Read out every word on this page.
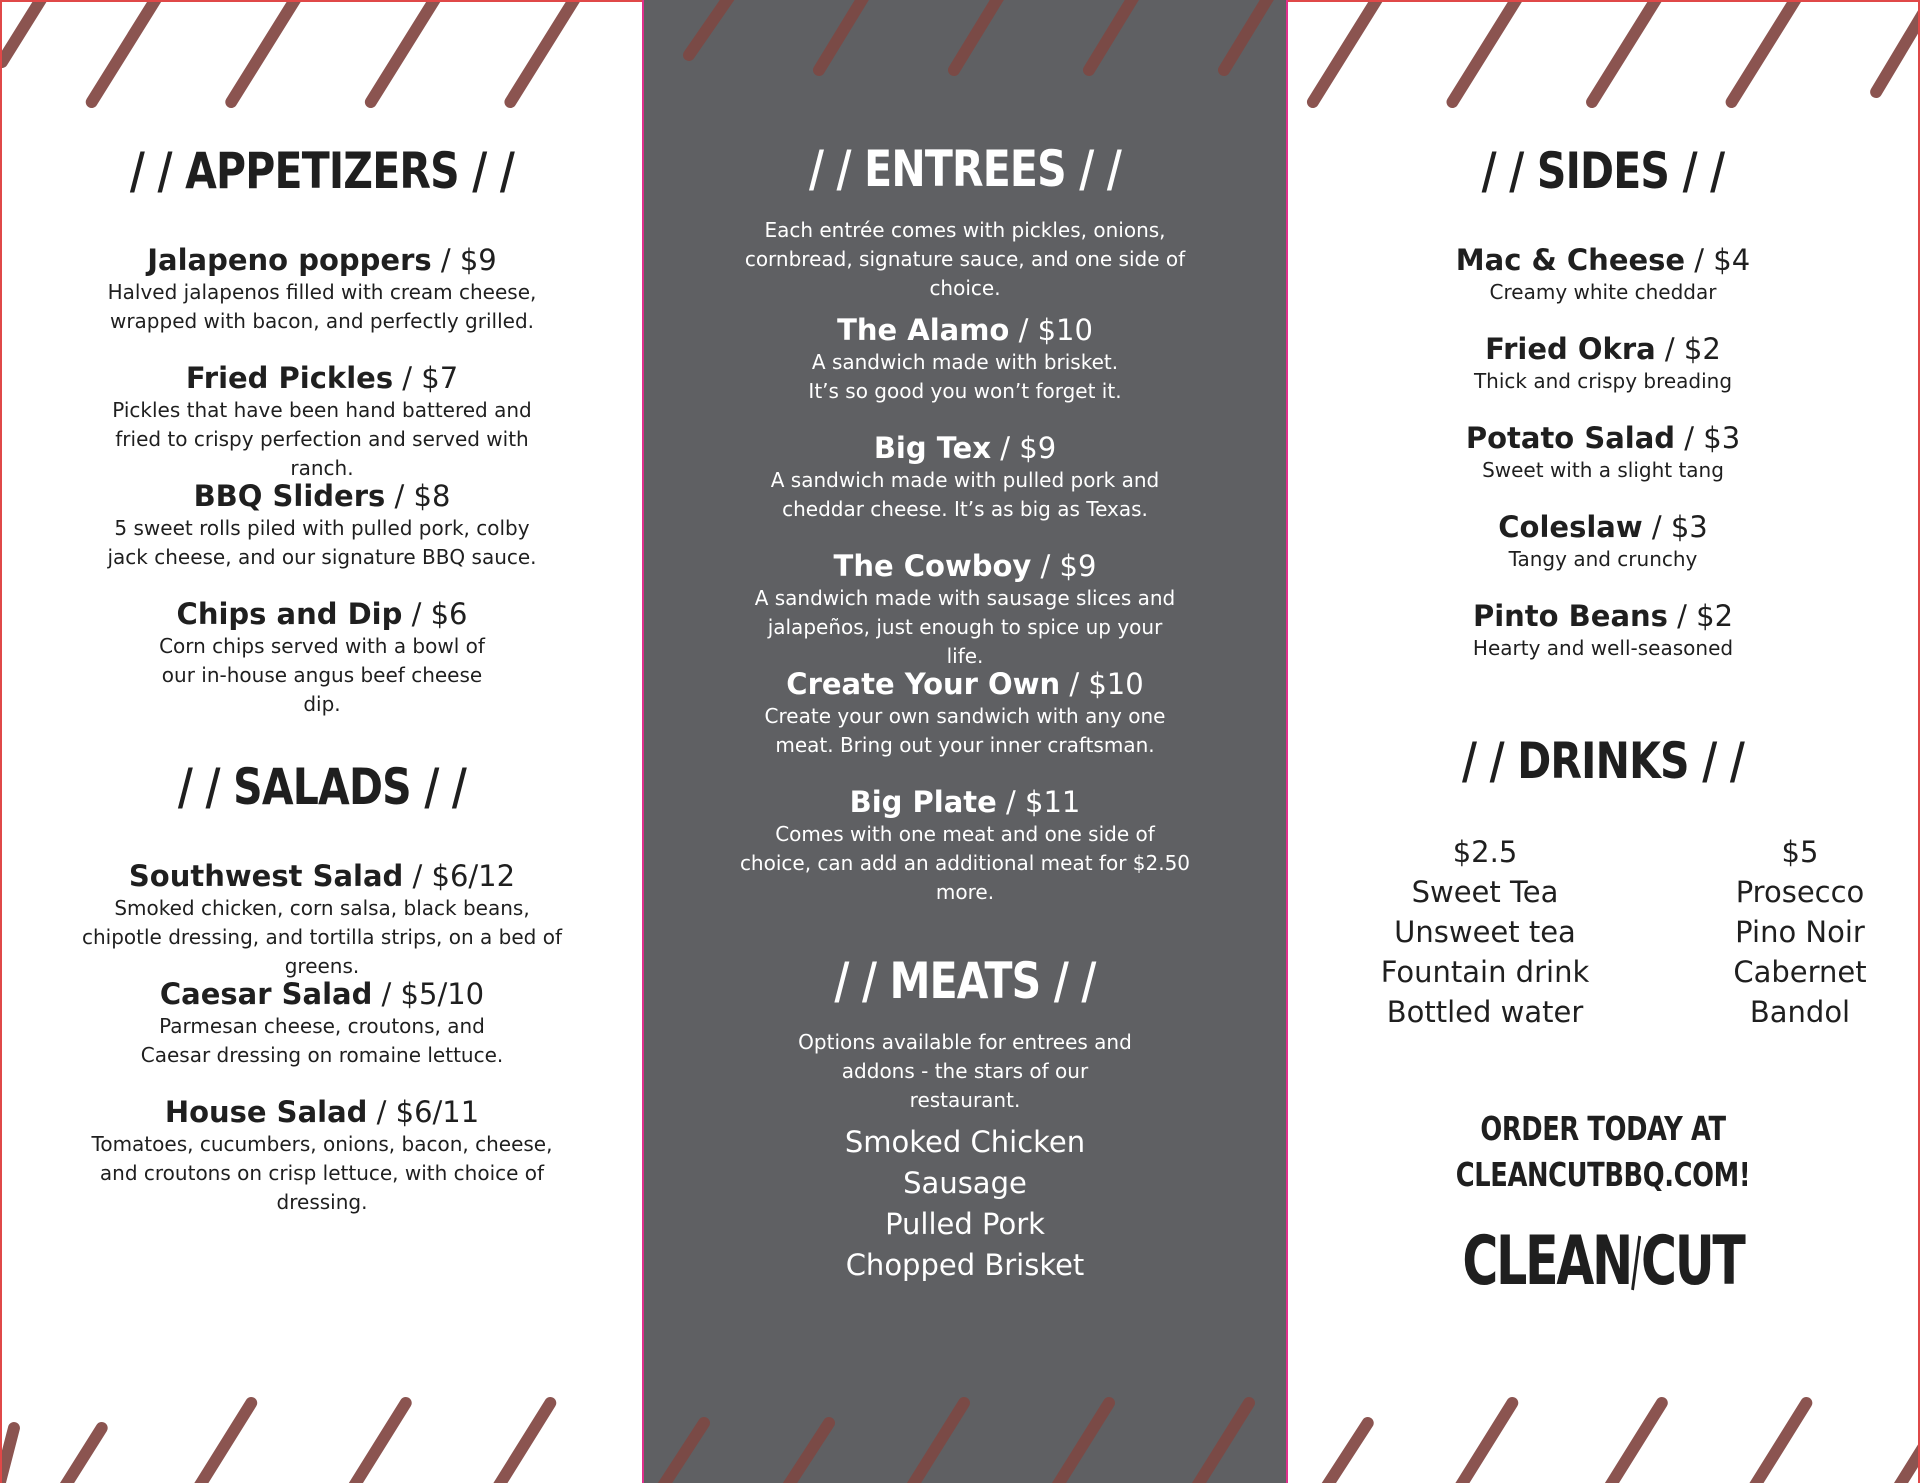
/ / APPETIZERS / /
Jalapeno poppers / $9
Halved jalapenos filled with cream cheese, wrapped with bacon, and perfectly grilled.
Fried Pickles / $7
Pickles that have been hand battered and fried to crispy perfection and served with ranch.
BBQ Sliders / $8
5 sweet rolls piled with pulled pork, colby jack cheese, and our signature BBQ sauce.
Chips and Dip / $6
Corn chips served with a bowl of our in-house angus beef cheese dip.
/ / SALADS / /
Southwest Salad / $6/12
Smoked chicken, corn salsa, black beans, chipotle dressing, and tortilla strips, on a bed of greens.
Caesar Salad / $5/10
Parmesan cheese, croutons, and Caesar dressing on romaine lettuce.
House Salad / $6/11
Tomatoes, cucumbers, onions, bacon, cheese, and croutons on crisp lettuce, with choice of dressing.
/ / ENTREES / /
Each entrée comes with pickles, onions, cornbread, signature sauce, and one side of choice.
The Alamo / $10
A sandwich made with brisket. It’s so good you won’t forget it.
Big Tex / $9
A sandwich made with pulled pork and cheddar cheese. It’s as big as Texas.
The Cowboy / $9
A sandwich made with sausage slices and jalapeños, just enough to spice up your life.
Create Your Own / $10
Create your own sandwich with any one meat. Bring out your inner craftsman.
Big Plate / $11
Comes with one meat and one side of choice, can add an additional meat for $2.50 more.
/ / MEATS / /
Options available for entrees and addons - the stars of our restaurant.
Smoked Chicken
Sausage
Pulled Pork
Chopped Brisket
/ / SIDES / /
Mac & Cheese / $4
Creamy white cheddar
Fried Okra / $2
Thick and crispy breading
Potato Salad / $3
Sweet with a slight tang
Coleslaw / $3
Tangy and crunchy
Pinto Beans / $2
Hearty and well-seasoned
/ / DRINKS / /
$2.5
Sweet Tea
Unsweet tea
Fountain drink
Bottled water
$5
Prosecco
Pino Noir
Cabernet
Bandol
ORDER TODAY AT
CLEANCUTBBQ.COM!
CLEAN CUT
